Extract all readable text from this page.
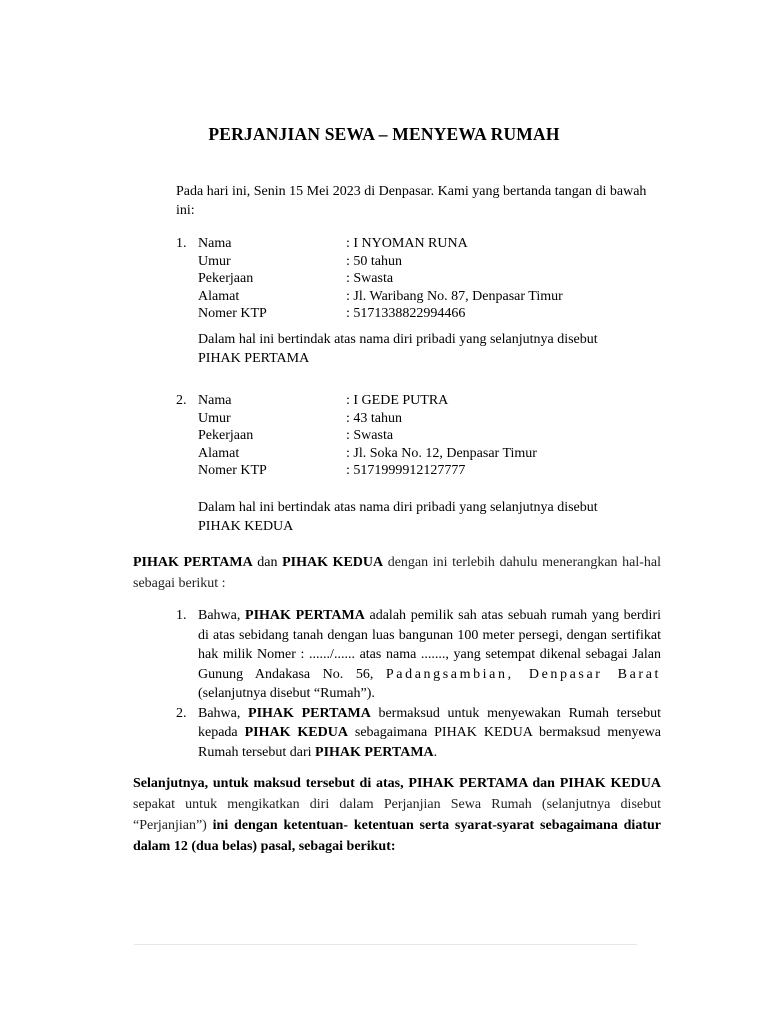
PERJANJIAN SEWA – MENYEWA RUMAH
Pada hari ini, Senin 15 Mei 2023 di Denpasar. Kami yang bertanda tangan di bawah ini:
1. Nama	: I NYOMAN RUNA
Umur	: 50 tahun
Pekerjaan	: Swasta
Alamat	: Jl. Waribang No. 87, Denpasar Timur
Nomer KTP	: 5171338822994466
Dalam hal ini bertindak atas nama diri pribadi yang selanjutnya disebut PIHAK PERTAMA
2. Nama	: I GEDE PUTRA
Umur	: 43 tahun
Pekerjaan	: Swasta
Alamat	: Jl. Soka No. 12, Denpasar Timur
Nomer KTP	: 5171999912127777
Dalam hal ini bertindak atas nama diri pribadi yang selanjutnya disebut PIHAK KEDUA
PIHAK PERTAMA dan PIHAK KEDUA dengan ini terlebih dahulu menerangkan hal-hal sebagai berikut :
1. Bahwa, PIHAK PERTAMA adalah pemilik sah atas sebuah rumah yang berdiri di atas sebidang tanah dengan luas bangunan 100 meter persegi, dengan sertifikat hak milik Nomer : ....../...... atas nama ......., yang setempat dikenal sebagai Jalan Gunung Andakasa No. 56, Padangsambian, Denpasar Barat (selanjutnya disebut “Rumah”).
2. Bahwa, PIHAK PERTAMA bermaksud untuk menyewakan Rumah tersebut kepada PIHAK KEDUA sebagaimana PIHAK KEDUA bermaksud menyewa Rumah tersebut dari PIHAK PERTAMA.
Selanjutnya, untuk maksud tersebut di atas, PIHAK PERTAMA dan PIHAK KEDUA sepakat untuk mengikatkan diri dalam Perjanjian Sewa Rumah (selanjutnya disebut “Perjanjian”) ini dengan ketentuan- ketentuan serta syarat-syarat sebagaimana diatur dalam 12 (dua belas) pasal, sebagai berikut:
